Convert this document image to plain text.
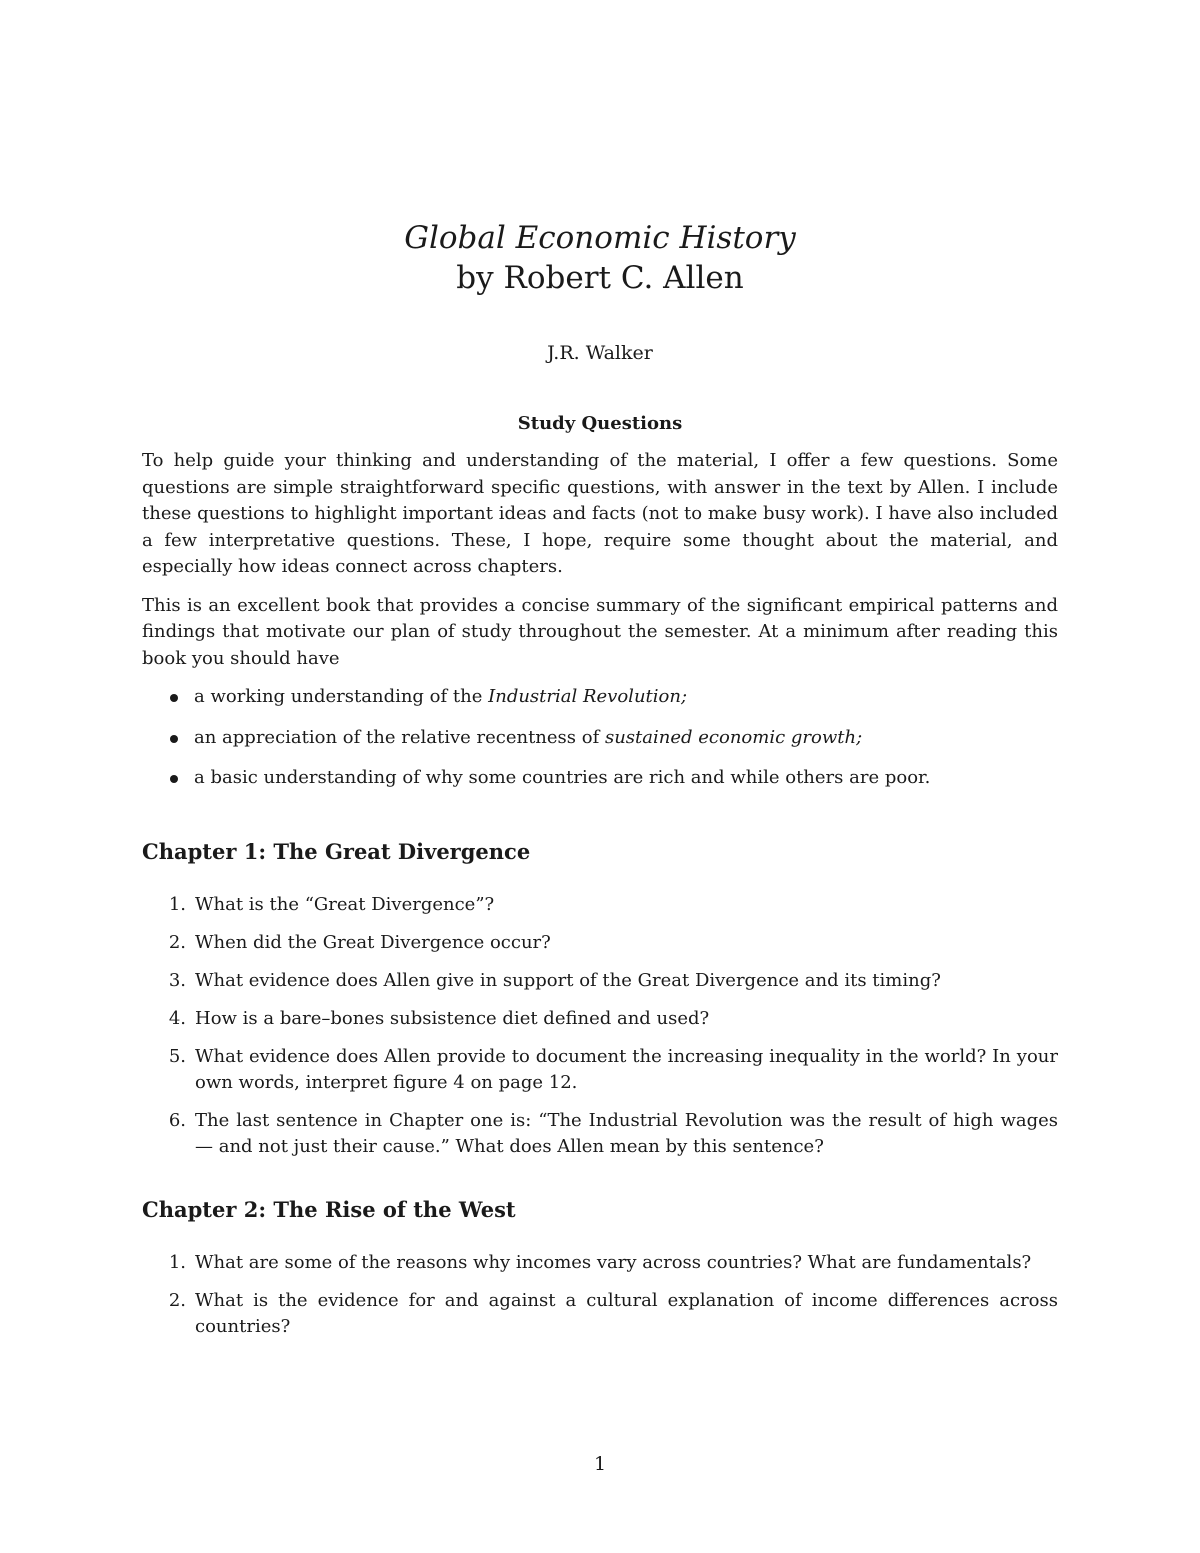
Global Economic History
by Robert C. Allen
J.R. Walker
Study Questions

To help guide your thinking and understanding of the material, I offer a few questions. Some questions are simple straightforward specific questions, with answer in the text by Allen. I include these questions to highlight important ideas and facts (not to make busy work). I have also included a few interpretative questions. These, I hope, require some thought about the material, and especially how ideas connect across chapters.

This is an excellent book that provides a concise summary of the significant empirical patterns and findings that motivate our plan of study throughout the semester. At a minimum after reading this book you should have

a working understanding of the Industrial Revolution;
an appreciation of the relative recentness of sustained economic growth;
a basic understanding of why some countries are rich and while others are poor.
Chapter 1: The Great Divergence
1. What is the “Great Divergence”?
2. When did the Great Divergence occur?
3. What evidence does Allen give in support of the Great Divergence and its timing?
4. How is a bare–bones subsistence diet defined and used?
5. What evidence does Allen provide to document the increasing inequality in the world? In your own words, interpret figure 4 on page 12.
6. The last sentence in Chapter one is: “The Industrial Revolution was the result of high wages — and not just their cause.” What does Allen mean by this sentence?
Chapter 2: The Rise of the West
1. What are some of the reasons why incomes vary across countries? What are fundamentals?
2. What is the evidence for and against a cultural explanation of income differences across countries?
1
